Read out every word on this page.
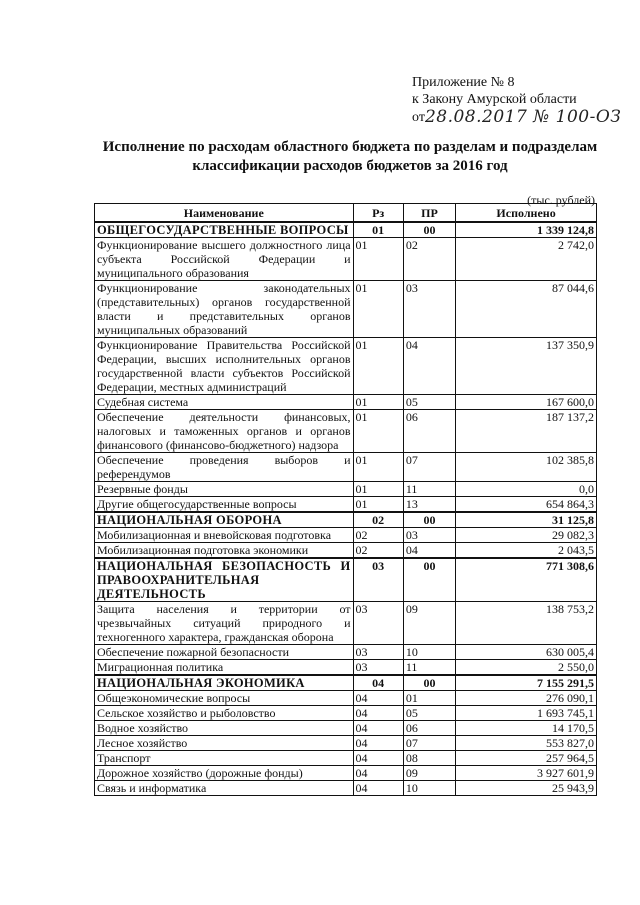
Приложение № 8
к Закону Амурской области
от28.08.2017 № 100-ОЗ
Исполнение по расходам областного бюджета по разделам и подразделам
классификации расходов бюджетов за 2016 год
(тыс. рублей)
Наименование	Рз	ПР	Исполнено
ОБЩЕГОСУДАРСТВЕННЫЕ ВОПРОСЫ	01	00	1 339 124,8
Функционирование высшего должностного лица субъекта Российской Федерации и муниципального образования	01	02	2 742,0
Функционирование законодательных (представительных) органов государственной власти и представительных органов муниципальных образований	01	03	87 044,6
Функционирование Правительства Российской Федерации, высших исполнительных органов государственной власти субъектов Российской Федерации, местных администраций	01	04	137 350,9
Судебная система	01	05	167 600,0
Обеспечение деятельности финансовых, налоговых и таможенных органов и органов финансового (финансово-бюджетного) надзора	01	06	187 137,2
Обеспечение проведения выборов и референдумов	01	07	102 385,8
Резервные фонды	01	11	0,0
Другие общегосударственные вопросы	01	13	654 864,3
НАЦИОНАЛЬНАЯ ОБОРОНА	02	00	31 125,8
Мобилизационная и вневойсковая подготовка	02	03	29 082,3
Мобилизационная подготовка экономики	02	04	2 043,5
НАЦИОНАЛЬНАЯ БЕЗОПАСНОСТЬ И ПРАВООХРАНИТЕЛЬНАЯ ДЕЯТЕЛЬНОСТЬ	03	00	771 308,6
Защита населения и территории от чрезвычайных ситуаций природного и техногенного характера, гражданская оборона	03	09	138 753,2
Обеспечение пожарной безопасности	03	10	630 005,4
Миграционная политика	03	11	2 550,0
НАЦИОНАЛЬНАЯ ЭКОНОМИКА	04	00	7 155 291,5
Общеэкономические вопросы	04	01	276 090,1
Сельское хозяйство и рыболовство	04	05	1 693 745,1
Водное хозяйство	04	06	14 170,5
Лесное хозяйство	04	07	553 827,0
Транспорт	04	08	257 964,5
Дорожное хозяйство (дорожные фонды)	04	09	3 927 601,9
Связь и информатика	04	10	25 943,9
